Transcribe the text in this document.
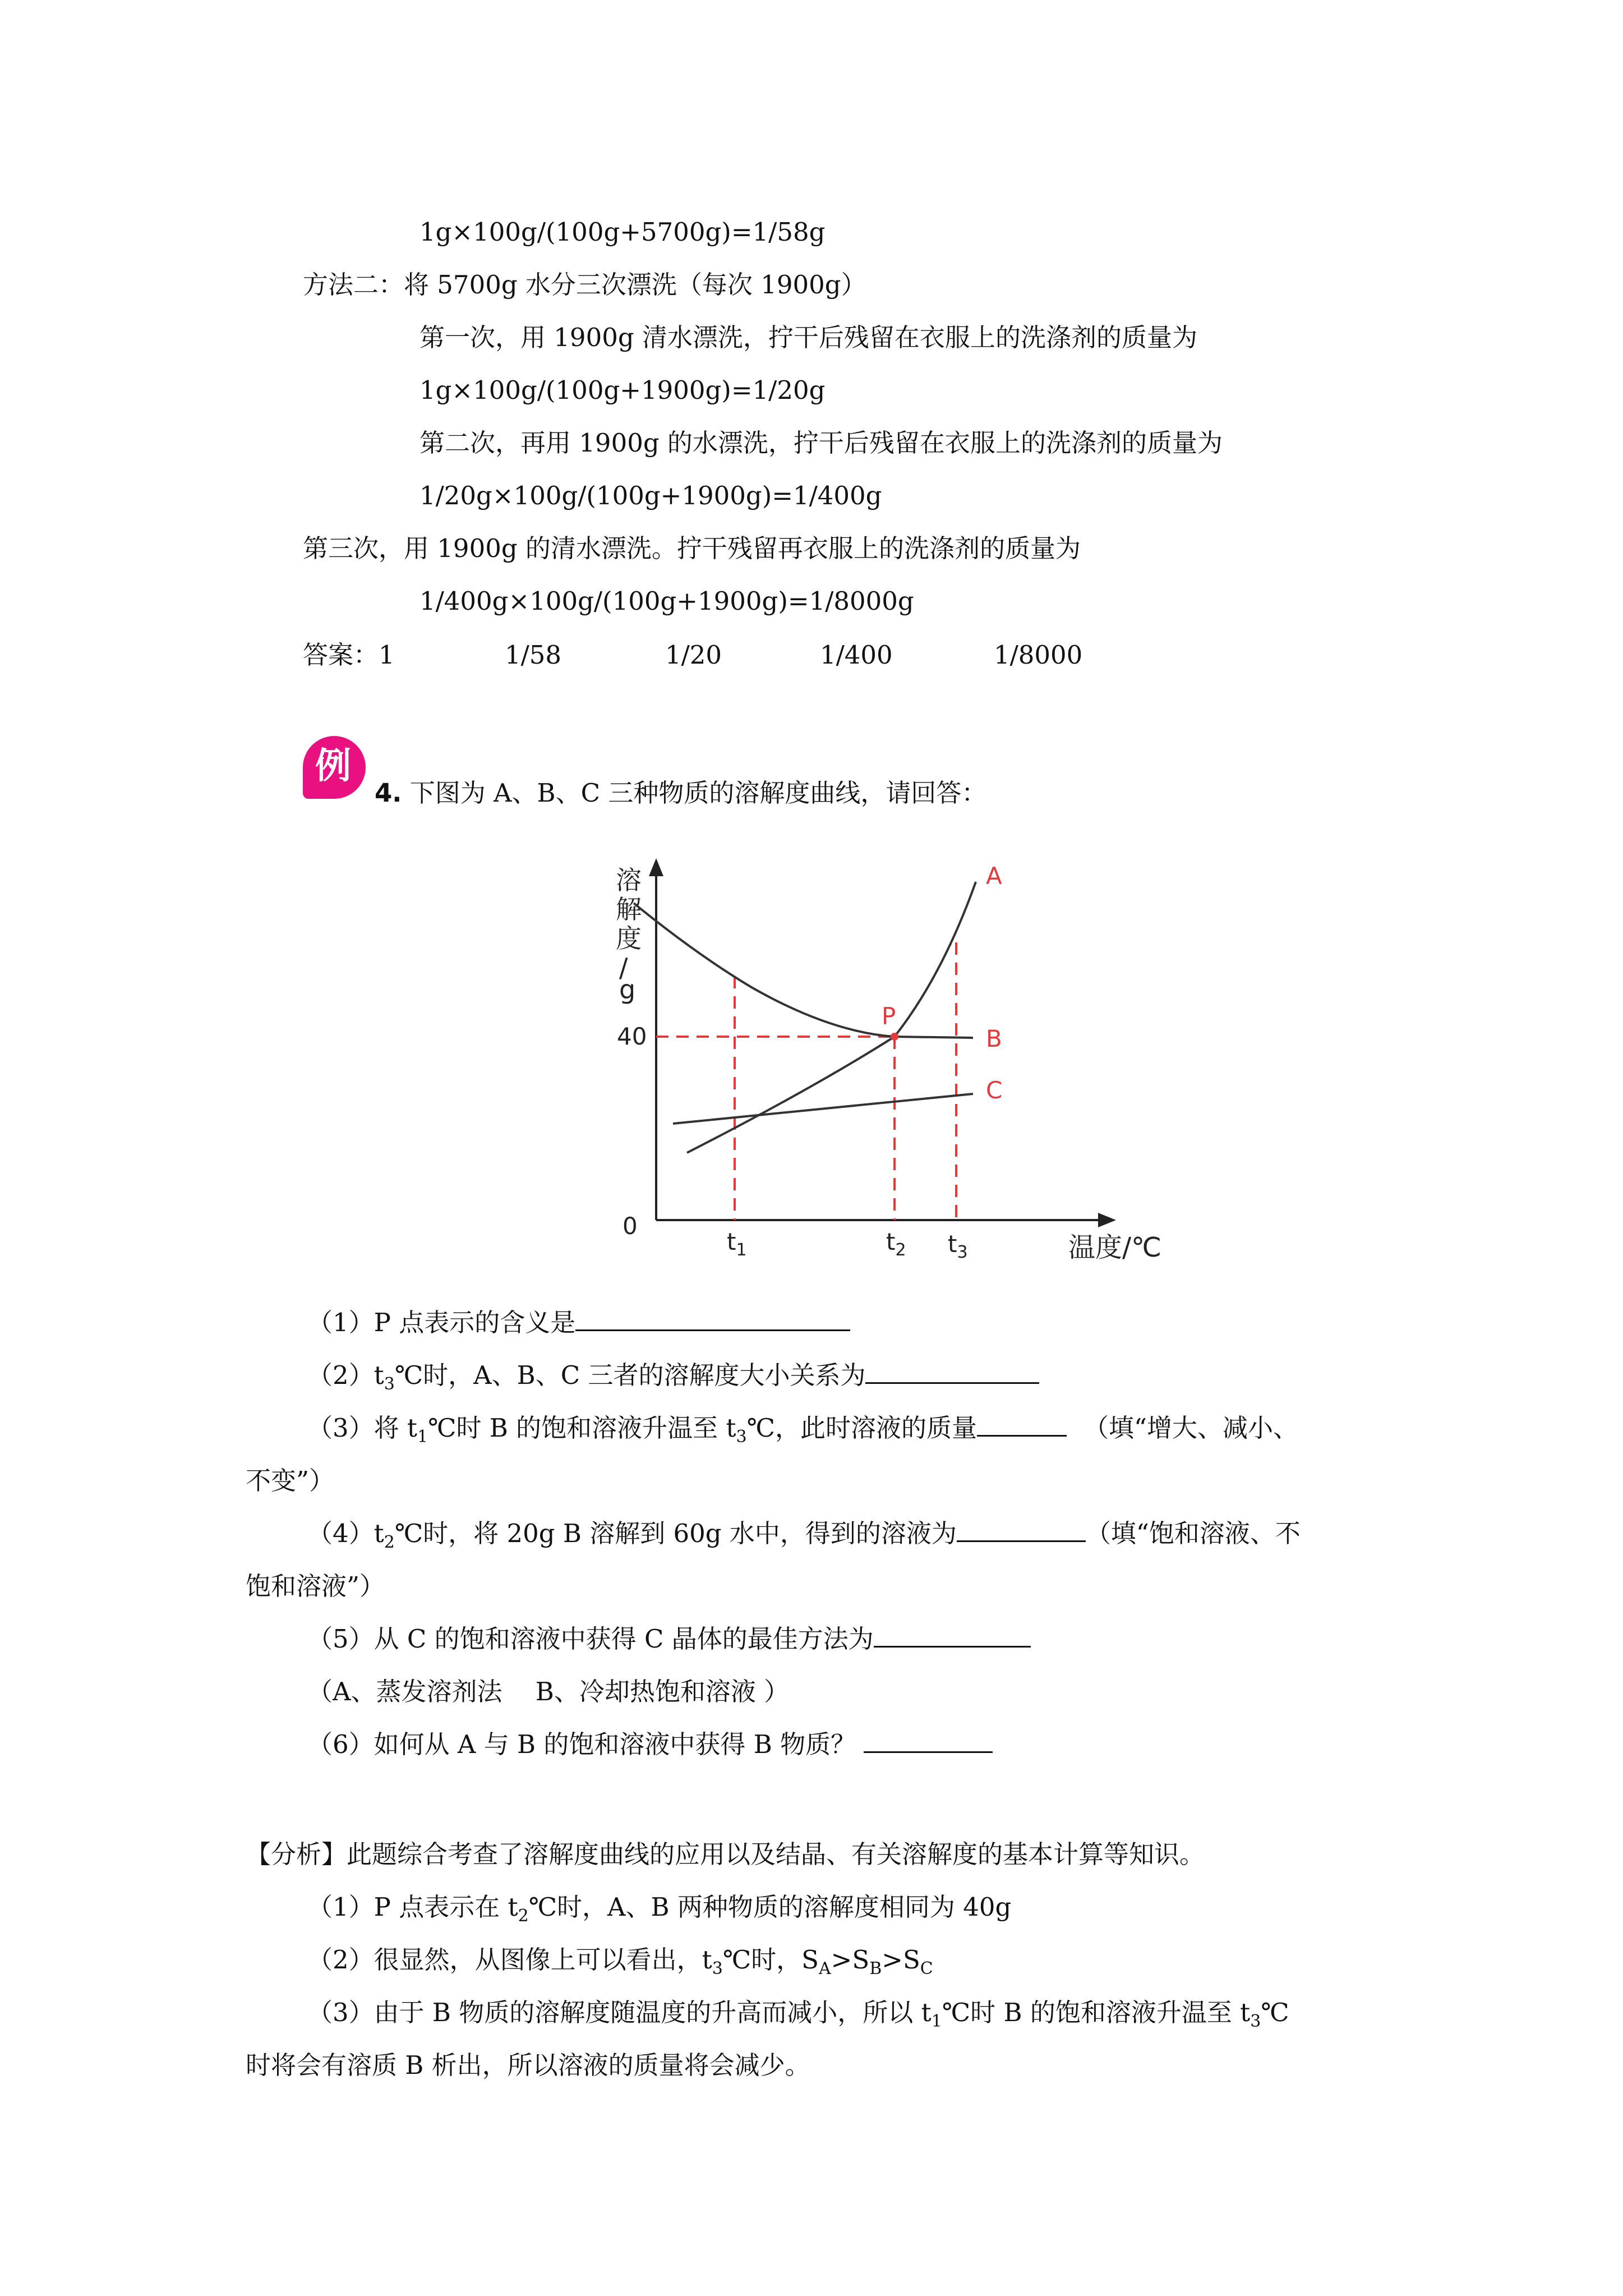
1g×100g/(100g+5700g)=1/58g
方法二：将 5700g 水分三次漂洗（每次 1900g）
第一次，用 1900g 清水漂洗，拧干后残留在衣服上的洗涤剂的质量为
1g×100g/(100g+1900g)=1/20g
第二次，再用 1900g 的水漂洗，拧干后残留在衣服上的洗涤剂的质量为
1/20g×100g/(100g+1900g)=1/400g
第三次，用 1900g 的清水漂洗。拧干残留再衣服上的洗涤剂的质量为
1/400g×100g/(100g+1900g)=1/8000g
答案：1	1/58	1/20	1/400	1/8000
例
4. 下图为 A、B、C 三种物质的溶解度曲线，请回答：
溶
解
度
/
g
P
A
B
C
40
0
$t_1$	$t_2$ $t_3$	温度/℃
（1）P 点表示的含义是
$(2)t_3℃$时，A、B、C 三者的溶解度大小关系为
（3）将 $t_1℃$时 B 的饱和溶液升温至 $t_3℃$，此时溶液的质量	（填“增大、减小、
不变”）
$(4)t_2℃$时，将 20g B 溶解到 60g 水中，得到的溶液为	（填“饱和溶液、不
饱和溶液”）
（5）从 C 的饱和溶液中获得 C 晶体的最佳方法为
（A、蒸发溶剂法 　B、冷却热饱和溶液 ）
（6）如何从 A 与 B 的饱和溶液中获得 B 物质？
【分析】此题综合考查了溶解度曲线的应用以及结晶、有关溶解度的基本计算等知识。
（1）P 点表示在 $t_2℃$时，A、B 两种物质的溶解度相同为 40g
（2）很显然，从图像上可以看出，$t_3℃$时，$S_A>S_B>S_C$
（3）由于 B 物质的溶解度随温度的升高而减小，所以 $t_1℃$时 B 的饱和溶液升温至 $t_3℃$
时将会有溶质 B 析出，所以溶液的质量将会减少。
